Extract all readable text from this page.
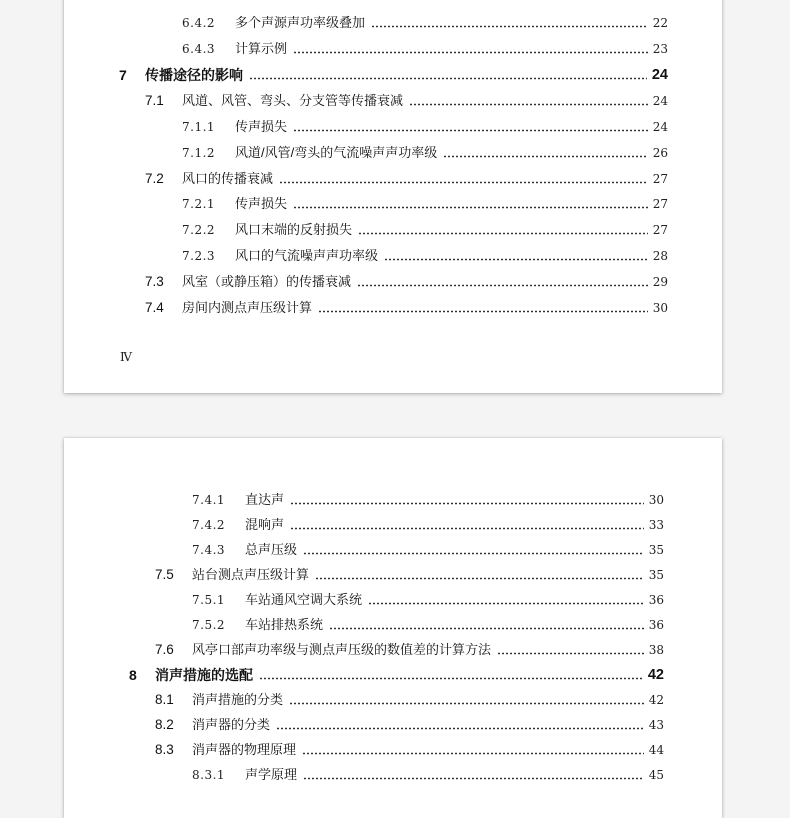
6.4.2	多个声源声功率级叠加	22
6.4.3	计算示例	23
7	传播途径的影响	24
7.1	风道、风管、弯头、分支管等传播衰减	24
7.1.1	传声损失	24
7.1.2	风道/风管/弯头的气流噪声声功率级	26
7.2	风口的传播衰减	27
7.2.1	传声损失	27
7.2.2	风口末端的反射损失	27
7.2.3	风口的气流噪声声功率级	28
7.3	风室（或静压箱）的传播衰减	29
7.4	房间内测点声压级计算	30
Ⅳ
7.4.1	直达声	30
7.4.2	混响声	33
7.4.3	总声压级	35
7.5	站台测点声压级计算	35
7.5.1	车站通风空调大系统	36
7.5.2	车站排热系统	36
7.6	风亭口部声功率级与测点声压级的数值差的计算方法	38
8	消声措施的选配	42
8.1	消声措施的分类	42
8.2	消声器的分类	43
8.3	消声器的物理原理	44
8.3.1	声学原理	45
